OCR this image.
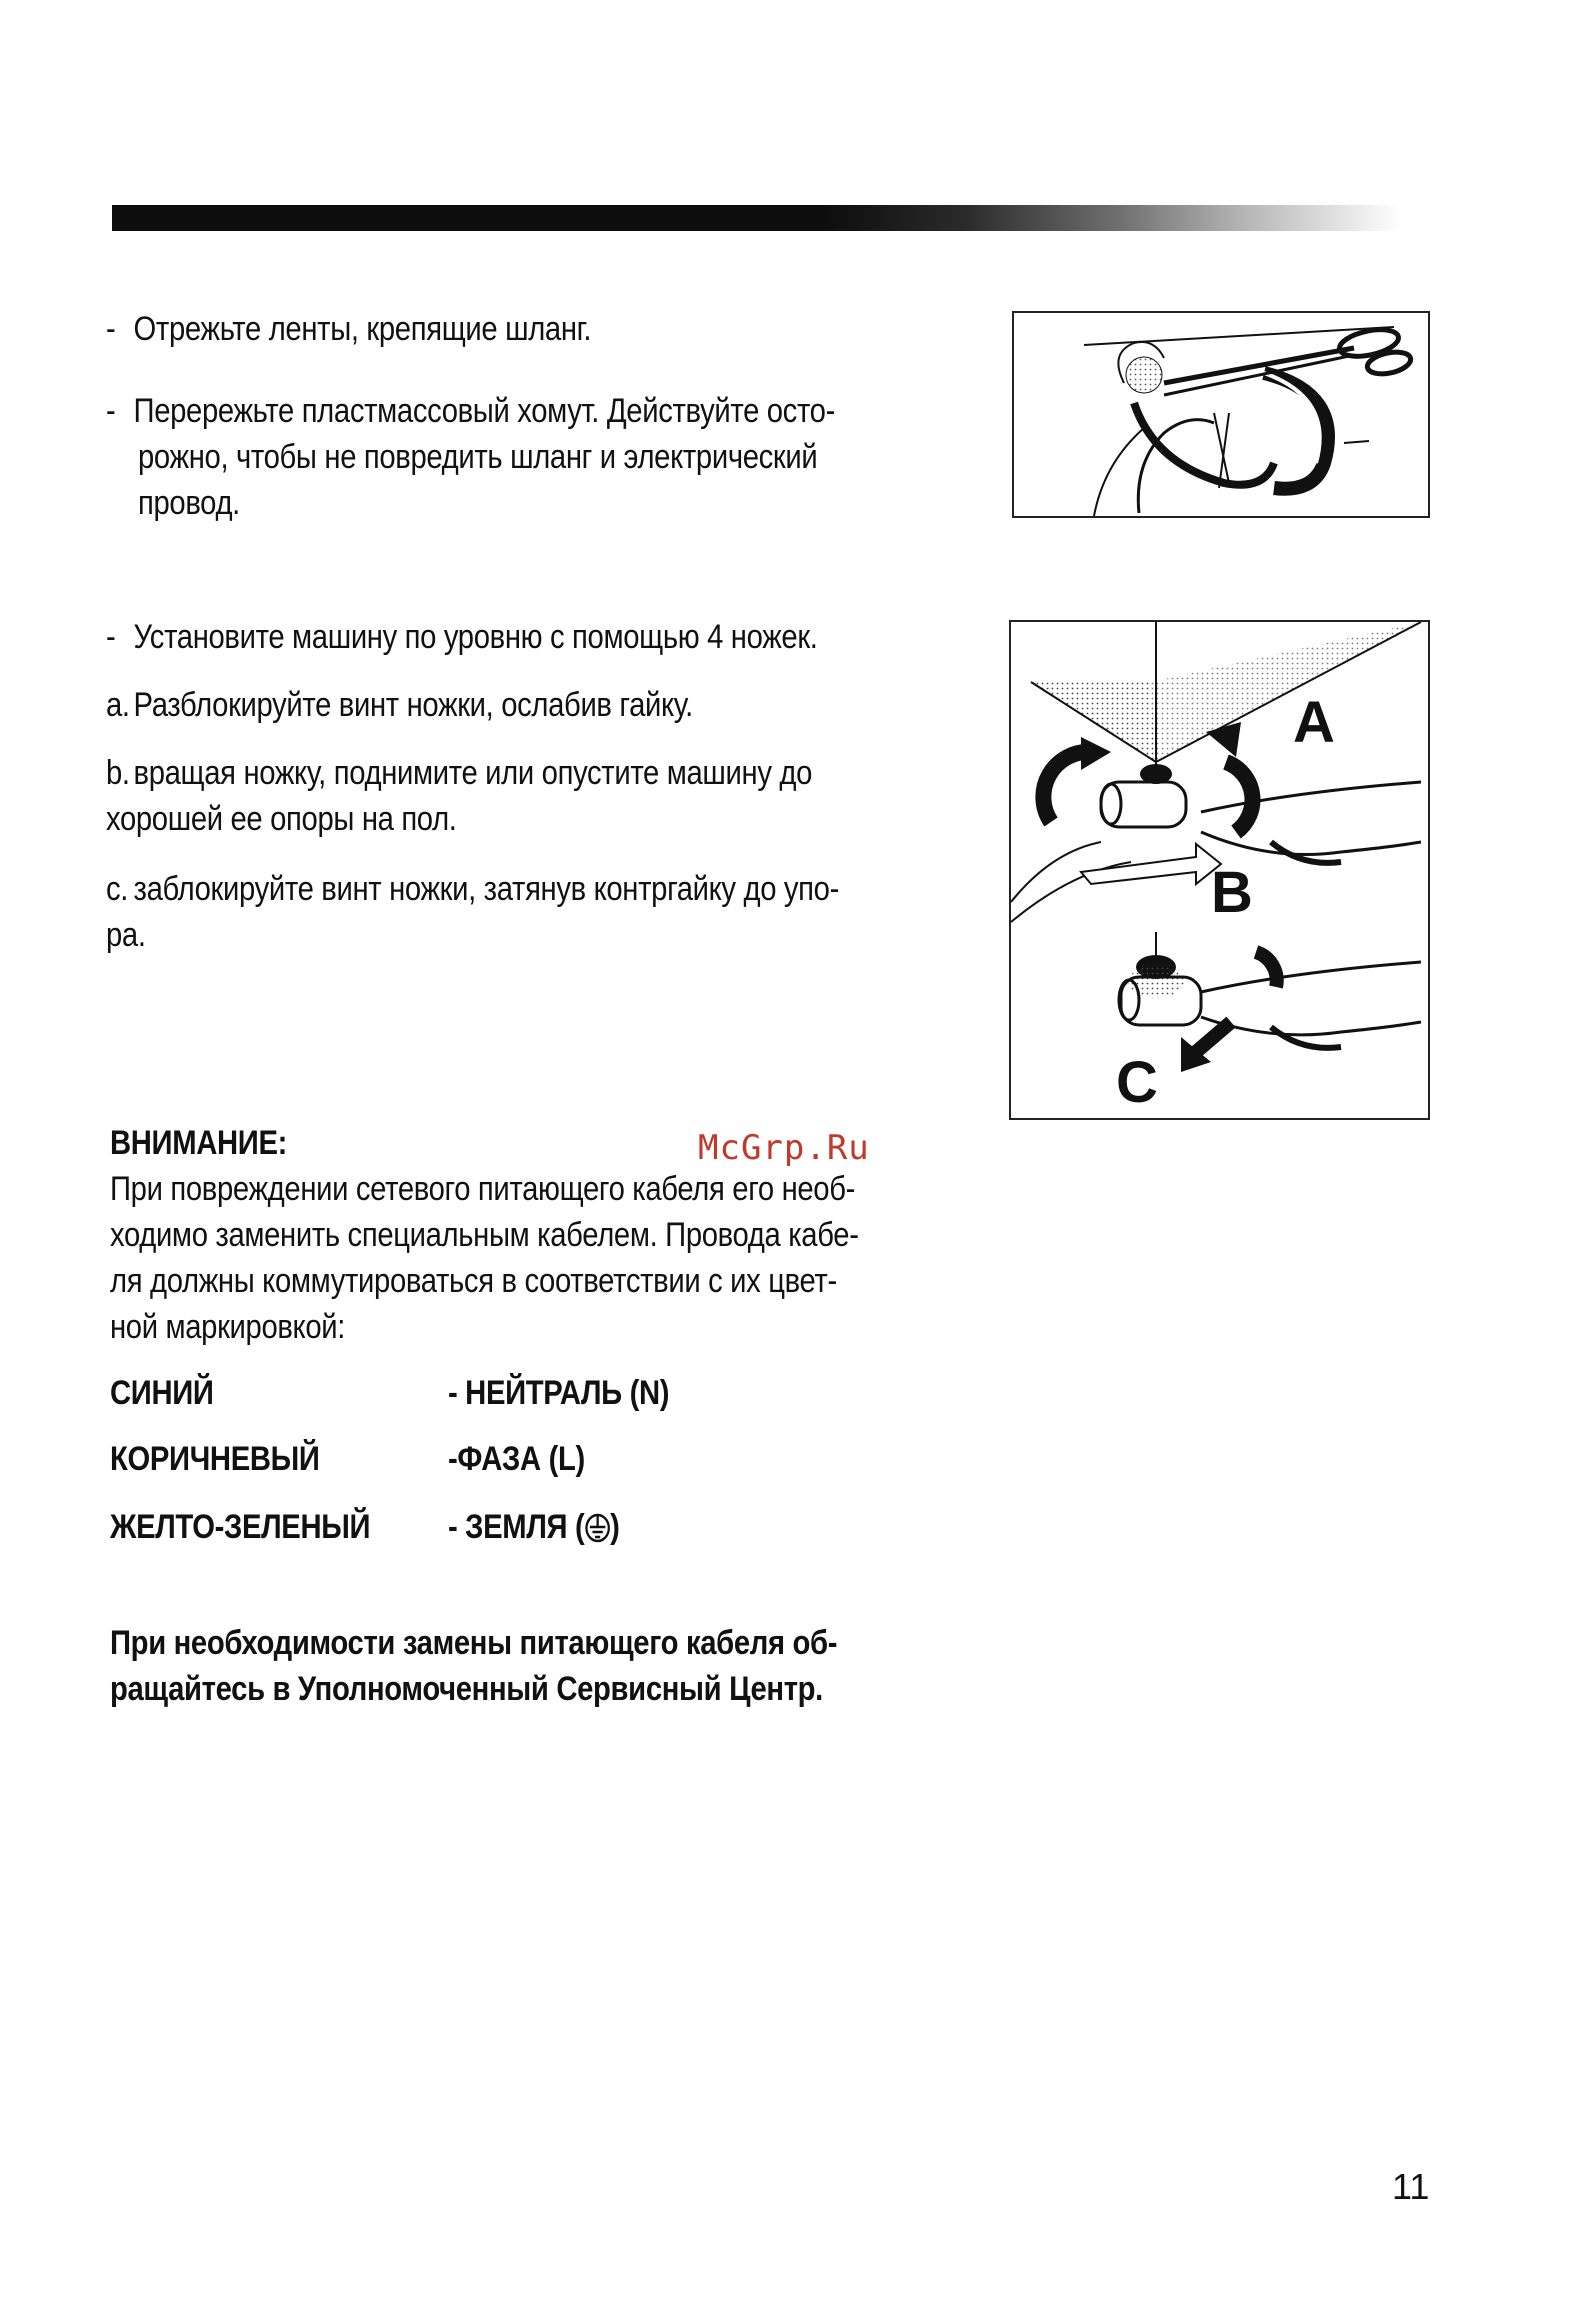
- Отрежьте ленты, крепящие шланг.
- Перережьте пластмассовый хомут. Действуйте осто-
рожно, чтобы не повредить шланг и электрический
провод.
- Установите машину по уровню с помощью 4 ножек.
a. Разблокируйте винт ножки, ослабив гайку.
b. вращая ножку, поднимите или опустите машину до
хорошей ее опоры на пол.
c. заблокируйте винт ножки, затянув контргайку до упо-
ра.
A
B
C
McGrp.Ru
ВНИМАНИЕ:
При повреждении сетевого питающего кабеля его необ-
ходимо заменить специальным кабелем. Провода кабе-
ля должны коммутироваться в соответствии с их цвет-
ной маркировкой:
СИНИЙ	- НЕЙТРАЛЬ (N)
КОРИЧНЕВЫЙ	-ФАЗА (L)
ЖЕЛТО-ЗЕЛЕНЫЙ - ЗЕМЛЯ ( )
При необходимости замены питающего кабеля об-
ращайтесь в Уполномоченный Сервисный Центр.
11
